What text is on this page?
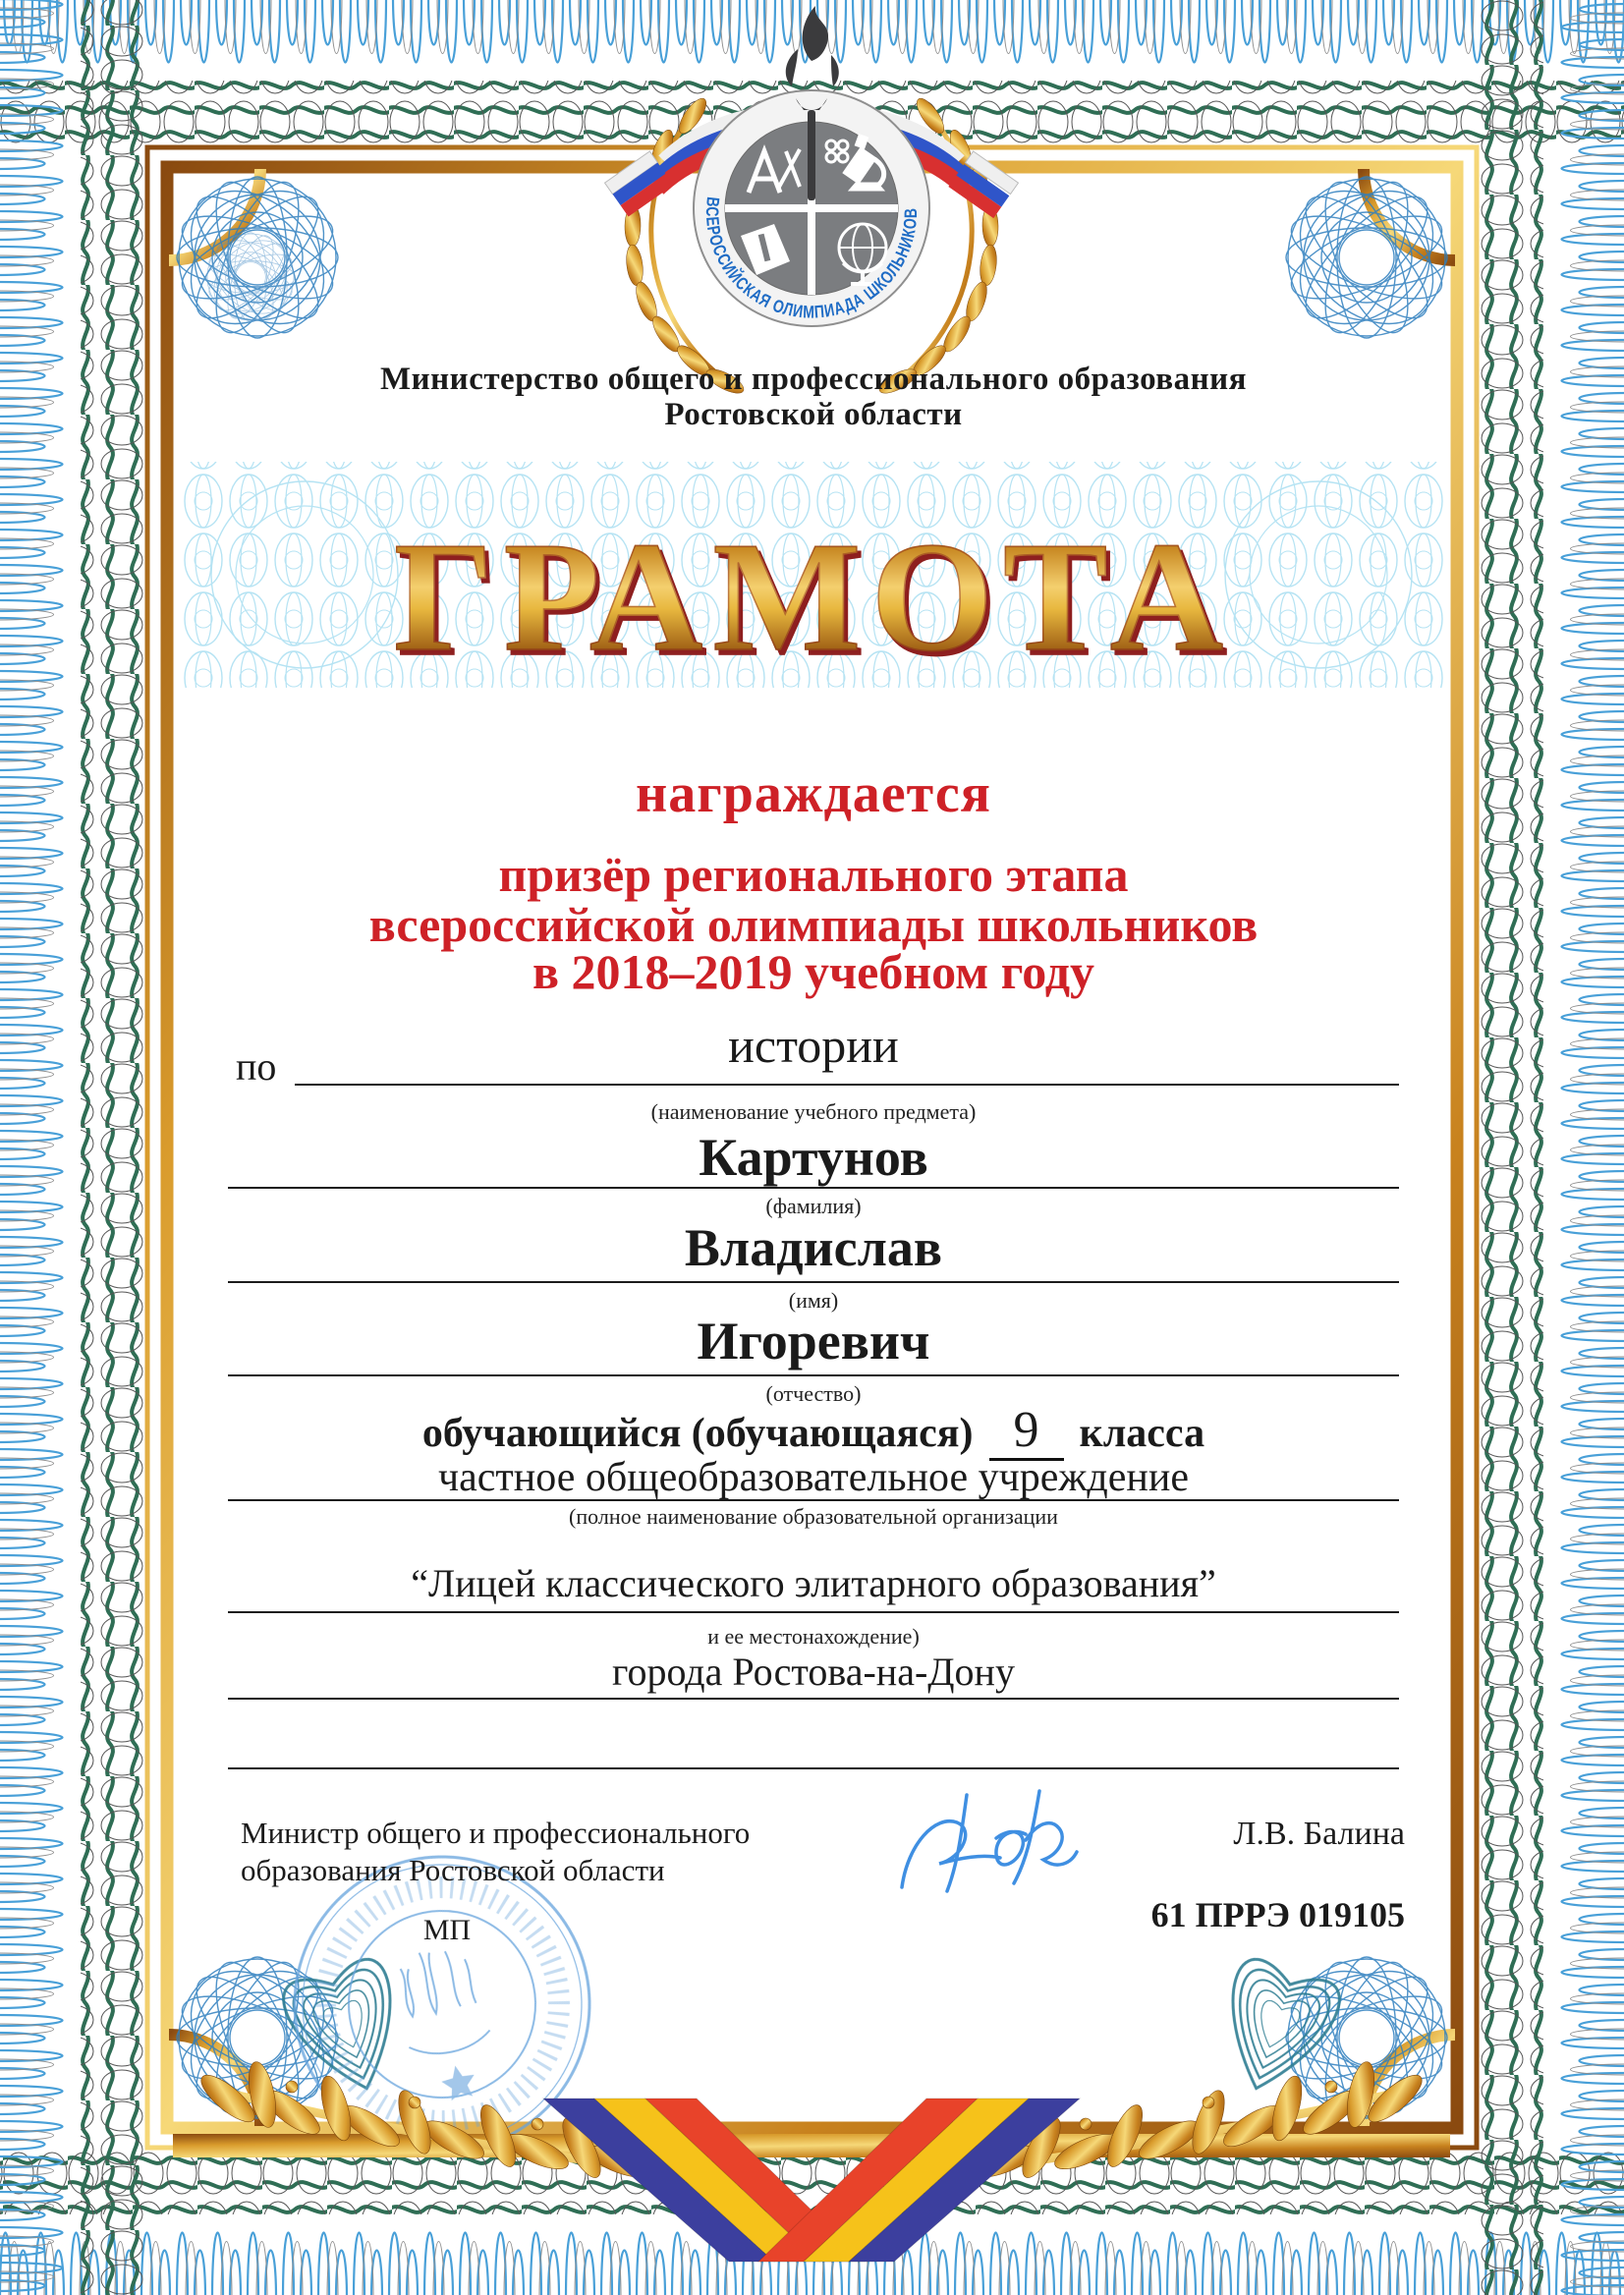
ВСЕРОССИЙСКАЯ ОЛИМПИАДА ШКОЛЬНИКОВ
Министерство общего и профессионального образования
Ростовской области
ГРАМОТА
награждается
призёр регионального этапа
всероссийской олимпиады школьников
в 2018–2019 учебном году
истории
по
(наименование учебного предмета)
Картунов
(фамилия)
Владислав
(имя)
Игоревич
(отчество)
обучающийся (обучающаяся) 9 класса
частное общеобразовательное учреждение
(полное наименование образовательной организации
“Лицей классического элитарного образования”
и ее местонахождение)
города Ростова-на-Дону
Министр общего и профессионального
образования Ростовской области
Л.В. Балина
61 ПРРЭ 019105
МП
